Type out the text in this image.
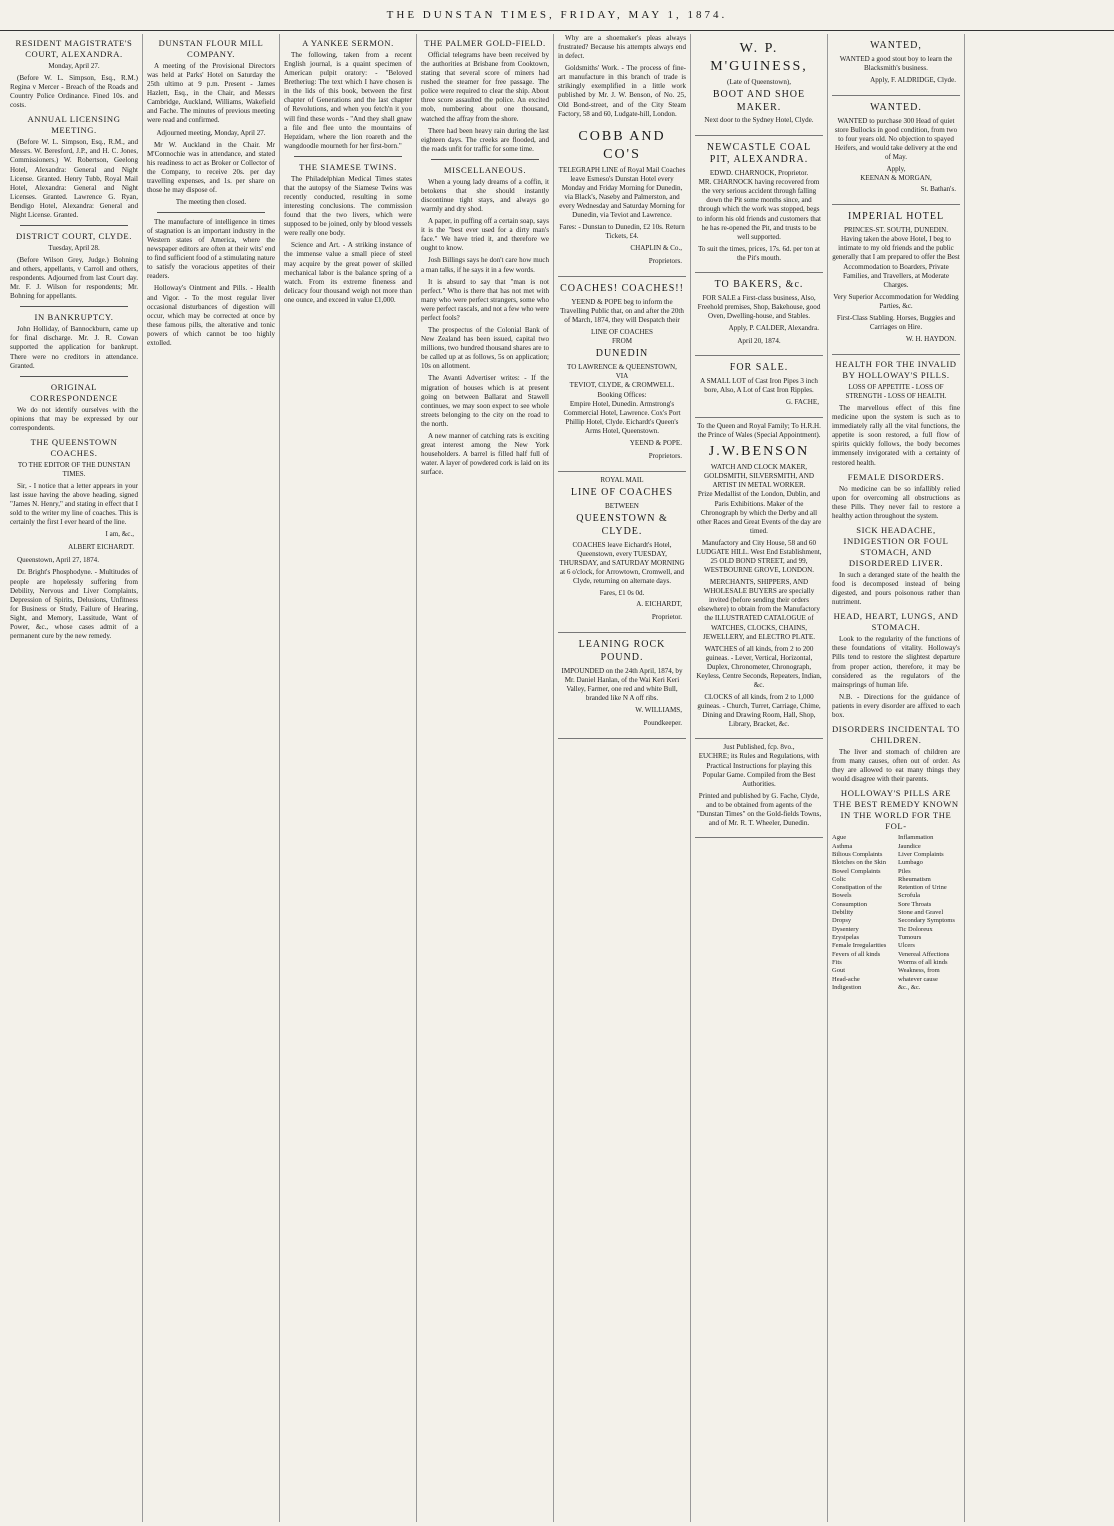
THE DUNSTAN TIMES, FRIDAY, MAY 1, 1874.
RESIDENT MAGISTRATE'S COURT, ALEXANDRA.
Monday, April 27.

(Before W. L. Simpson, Esq., R.M.) Regina v Mercer - Breach of the Roads and Country Police Ordinance. Fined 10s. and costs.

ANNUAL LICENSING MEETING.

(Before W. L. Simpson, Esq., R.M., and Messrs. W. Beresford, J.P., and H. C. Jones, Commissioners.) W. Robertson, Geelong Hotel, Alexandra: General and Night License. Granted. Henry Tubb, Royal Mail Hotel, Alexandra: General and Night Licenses. Granted. Lawrence G. Ryan, Bendigo Hotel, Alexandra: General and Night License. Granted.

DISTRICT COURT, CLYDE.
Tuesday, April 28.

(Before Wilson Grey, Judge.) Bohning and others, appellants, v Carroll and others, respondents. Adjourned from last Court day. Mr. F. J. Wilson for respondents; Mr. Bohning for appellants.

IN BANKRUPTCY.

John Holliday, of Bannockburn, came up for final discharge. Mr. J. R. Cowan supported the application for bankrupt. There were no creditors in attendance. Granted.

ORIGINAL CORRESPONDENCE

We do not identify ourselves with the opinions that may be expressed by our correspondents.

THE QUEENSTOWN COACHES.
TO THE EDITOR OF THE DUNSTAN TIMES.

Sir, - I notice that a letter appears in your last issue having the above heading, signed "James N. Henry," and stating in effect that I sold to the writer my line of coaches. This is certainly the first I ever heard of the line.

I am, &c.,
ALBERT EICHARDT.

Queenstown, April 27, 1874.

Dr. Bright's Phosphodyne. - Multitudes of people are hopelessly suffering from Debility, Nervous and Liver Complaints, Depression of Spirits, Delusions, Unfitness for Business or Study, Failure of Hearing, Sight, and Memory, Lassitude, Want of Power, &c., whose cases admit of a permanent cure by the new remedy.

DUNSTAN FLOUR MILL COMPANY.

A meeting of the Provisional Directors was held at Parks' Hotel on Saturday the 25th ultimo at 9 p.m. Present - James Hazlett, Esq., in the Chair, and Messrs Cambridge, Auckland, Williams, Wakefield and Fache. The minutes of previous meeting were read and confirmed.

Adjourned meeting, Monday, April 27.

Mr W. Auckland in the Chair. Mr M'Connochie was in attendance, and stated his readiness to act as Broker or Collector of the Company, to receive 20s. per day travelling expenses, and 1s. per share on those he may dispose of.

The meeting then closed.

The manufacture of intelligence in times of stagnation is an important industry in the Western states of America, where the newspaper editors are often at their wits' end to find sufficient food of a stimulating nature to satisfy the voracious appetites of their readers.

Holloway's Ointment and Pills. - Health and Vigor. - To the most regular liver occasional disturbances of digestion will occur, which may be corrected at once by these famous pills, the alterative and tonic powers of which cannot be too highly extolled.

A YANKEE SERMON.

The following, taken from a recent English journal, is a quaint specimen of American pulpit oratory: - "Beloved Bretheriug: The text which I have chosen is in the lids of this book, between the first chapter of Generations and the last chapter of Revolutions, and when you fetch'n it you will find these words - "And they shall gnaw a file and flee unto the mountains of Hepzidam, where the lion roareth and the wangdoodle mourneth for her first-born."

THE SIAMESE TWINS.

The Philadelphian Medical Times states that the autopsy of the Siamese Twins was recently conducted, resulting in some interesting conclusions. The commission found that the two livers, which were supposed to be joined, only by blood vessels were really one body.

Science and Art. - A striking instance of the immense value a small piece of steel may acquire by the great power of skilled mechanical labor is the balance spring of a watch. From its extreme fineness and delicacy four thousand weigh not more than one ounce, and exceed in value £1,000.

THE PALMER GOLD-FIELD.

Official telegrams have been received by the authorities at Brisbane from Cooktown, stating that several score of miners had rushed the steamer for free passage. The police were required to clear the ship. About three score assaulted the police. An excited mob, numbering about one thousand, watched the affray from the shore.

There had been heavy rain during the last eighteen days. The creeks are flooded, and the roads unfit for traffic for some time.

MISCELLANEOUS.

When a young lady dreams of a coffin, it betokens that she should instantly discontinue tight stays, and always go warmly and dry shod.

A paper, in puffing off a certain soap, says it is the "best ever used for a dirty man's face." We have tried it, and therefore we ought to know.

Josh Billings says he don't care how much a man talks, if he says it in a few words.

It is absurd to say that "man is not perfect." Who is there that has not met with many who were perfect strangers, some who were perfect rascals, and not a few who were perfect fools?

The prospectus of the Colonial Bank of New Zealand has been issued, capital two millions, two hundred thousand shares are to be called up at as follows, 5s on application; 10s on allotment.

The Avanti Advertiser writes: - If the migration of houses which is at present going on between Ballarat and Stawell continues, we may soon expect to see whole streets belonging to the city on the road to the north.

A new manner of catching rats is exciting great interest among the New York householders. A barrel is filled half full of water. A layer of powdered cork is laid on its surface.

Why are a shoemaker's pleas always frustrated? Because his attempts always end in defect.

Goldsmiths' Work. - The process of fine-art manufacture in this branch of trade is strikingly exemplified in a little work published by Mr. J. W. Benson, of No. 25, Old Bond-street, and of the City Steam Factory, 58 and 60, Ludgate-hill, London.

COBB AND CO'S

TELEGRAPH LINE of Royal Mail Coaches leave Esmeso's Dunstan Hotel every Monday and Friday Morning for Dunedin, via Black's, Naseby and Palmerston, and every Wednesday and Saturday Morning for Dunedin, via Teviot and Lawrence.

Fares: - Dunstan to Dunedin, £2 10s. Return Tickets, £4.

CHAPLIN & Co.,
Proprietors.
COACHES! COACHES!!

YEEND & POPE beg to inform the Travelling Public that, on and after the 20th of March, 1874, they will Despatch their

LINE OF COACHES
FROM
DUNEDIN
TO LAWRENCE & QUEENSTOWN,
VIA
TEVIOT, CLYDE, & CROMWELL.
Booking Offices:

Empire Hotel, Dunedin. Armstrong's Commercial Hotel, Lawrence. Cox's Port Phillip Hotel, Clyde. Eichardt's Queen's Arms Hotel, Queenstown.

YEEND & POPE.
Proprietors.
ROYAL MAIL
LINE OF COACHES
BETWEEN
QUEENSTOWN & CLYDE.

COACHES leave Eichardt's Hotel, Queenstown, every TUESDAY, THURSDAY, and SATURDAY MORNING at 6 o'clock, for Arrowtown, Cromwell, and Clyde, returning on alternate days.

Fares, £1 0s 0d.
A. EICHARDT,
Proprietor.
LEANING ROCK POUND.

IMPOUNDED on the 24th April, 1874, by Mr. Daniel Hanlan, of the Wai Keri Keri Valley, Farmer, one red and white Bull, branded like N A off ribs.

W. WILLIAMS,
Poundkeeper.
W. P. M'GUINESS,
(Late of Queenstown),
BOOT AND SHOE MAKER.

Next door to the Sydney Hotel, Clyde.

NEWCASTLE COAL PIT, ALEXANDRA.
EDWD. CHARNOCK, Proprietor.

MR. CHARNOCK having recovered from the very serious accident through falling down the Pit some months since, and through which the work was stopped, begs to inform his old friends and customers that he has re-opened the Pit, and trusts to be well supported.

To suit the times, prices, 17s. 6d. per ton at the Pit's mouth.

TO BAKERS, &c.

FOR SALE a First-class business, Also, Freehold premises, Shop, Bakehouse, good Oven, Dwelling-house, and Stables.

Apply, P. CALDER, Alexandra.

April 20, 1874.

FOR SALE.

A SMALL LOT of Cast Iron Pipes 3 inch bore, Also, A Lot of Cast Iron Ripples.

G. FACHE,

To the Queen and Royal Family; To H.R.H. the Prince of Wales (Special Appointment).

J.W.BENSON
WATCH AND CLOCK MAKER, GOLDSMITH, SILVERSMITH, AND ARTIST IN METAL WORKER.

Prize Medallist of the London, Dublin, and Paris Exhibitions. Maker of the Chronograph by which the Derby and all other Races and Great Events of the day are timed.

Manufactory and City House, 58 and 60 LUDGATE HILL. West End Establishment, 25 OLD BOND STREET, and 99, WESTBOURNE GROVE, LONDON.

MERCHANTS, SHIPPERS, AND WHOLESALE BUYERS are specially invited (before sending their orders elsewhere) to obtain from the Manufactory the ILLUSTRATED CATALOGUE of WATCHES, CLOCKS, CHAINS, JEWELLERY, and ELECTRO PLATE.

WATCHES of all kinds, from 2 to 200 guineas. - Lever, Vertical, Horizontal, Duplex, Chronometer, Chronograph, Keyless, Centre Seconds, Repeaters, Indian, &c.

CLOCKS of all kinds, from 2 to 1,000 guineas. - Church, Turret, Carriage, Chime, Dining and Drawing Room, Hall, Shop, Library, Bracket, &c.

Just Published, fcp. 8vo.,

EUCHRE; its Rules and Regulations, with Practical Instructions for playing this Popular Game. Compiled from the Best Authorities.

Printed and published by G. Fache, Clyde, and to be obtained from agents of the "Dunstan Times" on the Gold-fields Towns, and of Mr. R. T. Wheeler, Dunedin.

WANTED,

WANTED a good stout boy to learn the Blacksmith's business.

Apply, F. ALDRIDGE, Clyde.
WANTED.

WANTED to purchase 300 Head of quiet store Bullocks in good condition, from two to four years old. No objection to spayed Heifers, and would take delivery at the end of May.

Apply,
KEENAN & MORGAN,
St. Bathan's.
IMPERIAL HOTEL
PRINCES-ST. SOUTH, DUNEDIN.

Having taken the above Hotel, I beg to intimate to my old friends and the public generally that I am prepared to offer the Best Accommodation to Boarders, Private Families, and Travellers, at Moderate Charges.

Very Superior Accommodation for Wedding Parties, &c.

First-Class Stabling. Horses, Buggies and Carriages on Hire.

W. H. HAYDON.
HEALTH FOR THE INVALID BY HOLLOWAY'S PILLS.
LOSS OF APPETITE - LOSS OF STRENGTH - LOSS OF HEALTH.

The marvellous effect of this fine medicine upon the system is such as to immediately rally all the vital functions, the appetite is soon restored, a full flow of spirits quickly follows, the body becomes immensely invigorated with a certainty of restored health.

FEMALE DISORDERS.

No medicine can be so infallibly relied upon for overcoming all obstructions as these Pills. They never fail to restore a healthy action throughout the system.

SICK HEADACHE, INDIGESTION OR FOUL STOMACH, AND DISORDERED LIVER.

In such a deranged state of the health the food is decomposed instead of being digested, and pours poisonous rather than nutriment.

HEAD, HEART, LUNGS, AND STOMACH.

Look to the regularity of the functions of these foundations of vitality. Holloway's Pills tend to restore the slightest departure from proper action, therefore, it may be considered as the regulators of the mainsprings of human life.

N.B. - Directions for the guidance of patients in every disorder are affixed to each box.

DISORDERS INCIDENTAL TO CHILDREN.

The liver and stomach of children are from many causes, often out of order. As they are allowed to eat many things they would disagree with their parents.

HOLLOWAY'S PILLS ARE THE BEST REMEDY KNOWN IN THE WORLD FOR THE FOL-
Ague
Asthma
Bilious Complaints
Blotches on the Skin
Bowel Complaints
Colic
Constipation of the Bowels
Consumption
Debility
Dropsy
Dysentery
Erysipelas
Female Irregularities
Fevers of all kinds
Fits
Gout
Head-ache
Indigestion
Inflammation
Jaundice
Liver Complaints
Lumbago
Piles
Rheumatism
Retention of Urine
Scrofula
Sore Throats
Stone and Gravel
Secondary Symptoms
Tic Doloreux
Tumours
Ulcers
Venereal Affections
Worms of all kinds
Weakness, from whatever cause
&c., &c.
